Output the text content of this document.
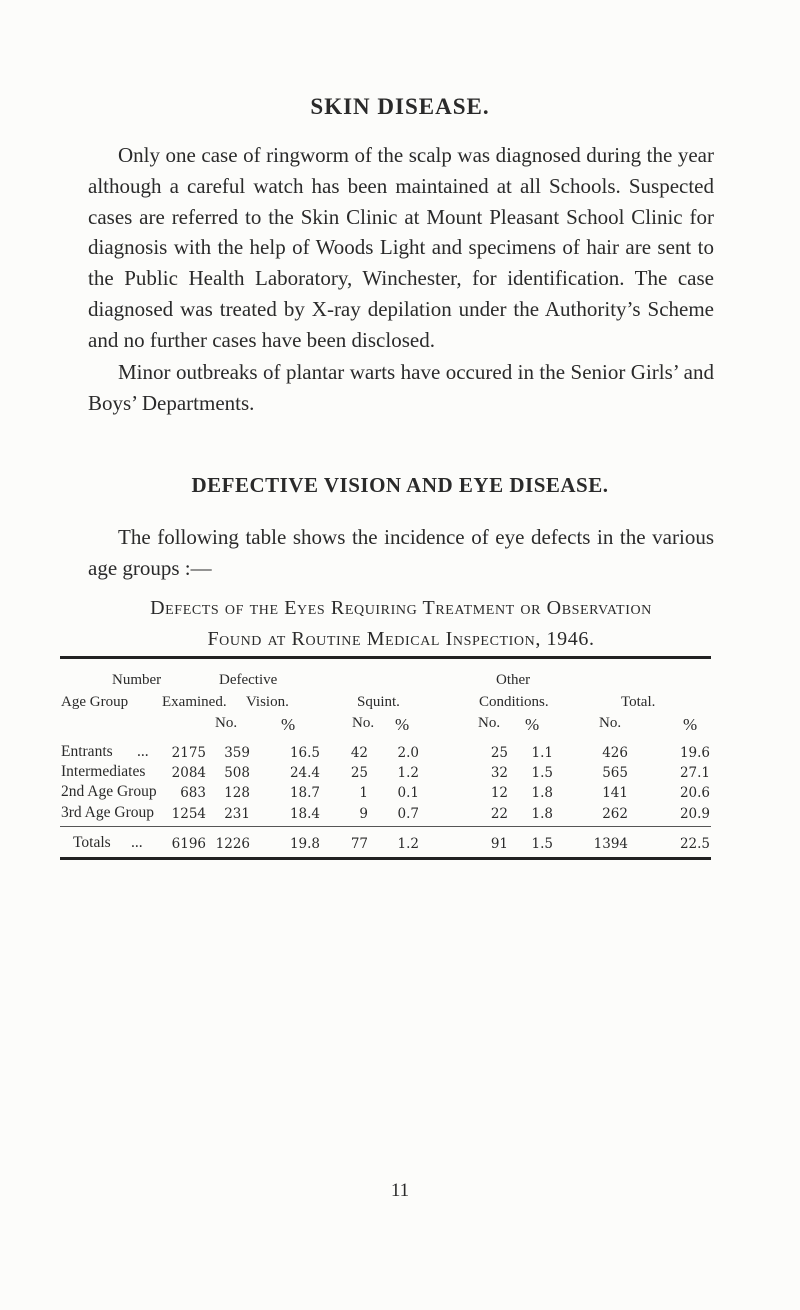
SKIN DISEASE.

Only one case of ringworm of the scalp was diagnosed during the year although a careful watch has been maintained at all Schools. Suspected cases are referred to the Skin Clinic at Mount Pleasant School Clinic for diagnosis with the help of Woods Light and specimens of hair are sent to the Public Health Laboratory, Winchester, for identification. The case diagnosed was treated by X-ray depilation under the Authority’s Scheme and no further cases have been disclosed.

Minor outbreaks of plantar warts have occured in the Senior Girls’ and Boys’ Departments.

DEFECTIVE VISION AND EYE DISEASE.

The following table shows the incidence of eye defects in the various age groups :—

Defects of the Eyes Requiring Treatment or Observation
Found at Routine Medical Inspection, 1946.
Number	Defective	Other
Age Group Examined. Vision.	Squint.	Conditions.	Total.
No.	%	No. %	No. %	No.	%
Entrants ...	2175	359	16.5	42	2.0	25	1.1	426	19.6
Intermediates	2084	508	24.4	25	1.2	32	1.5	565	27.1
2nd Age Group	683	128	18.7	1	0.1	12	1.8	141	20.6
3rd Age Group	1254	231	18.4	9	0.7	22	1.8	262	20.9
Totals ...	6196 1226	19.8	77	1.2	91	1.5	1394	22.5
11
